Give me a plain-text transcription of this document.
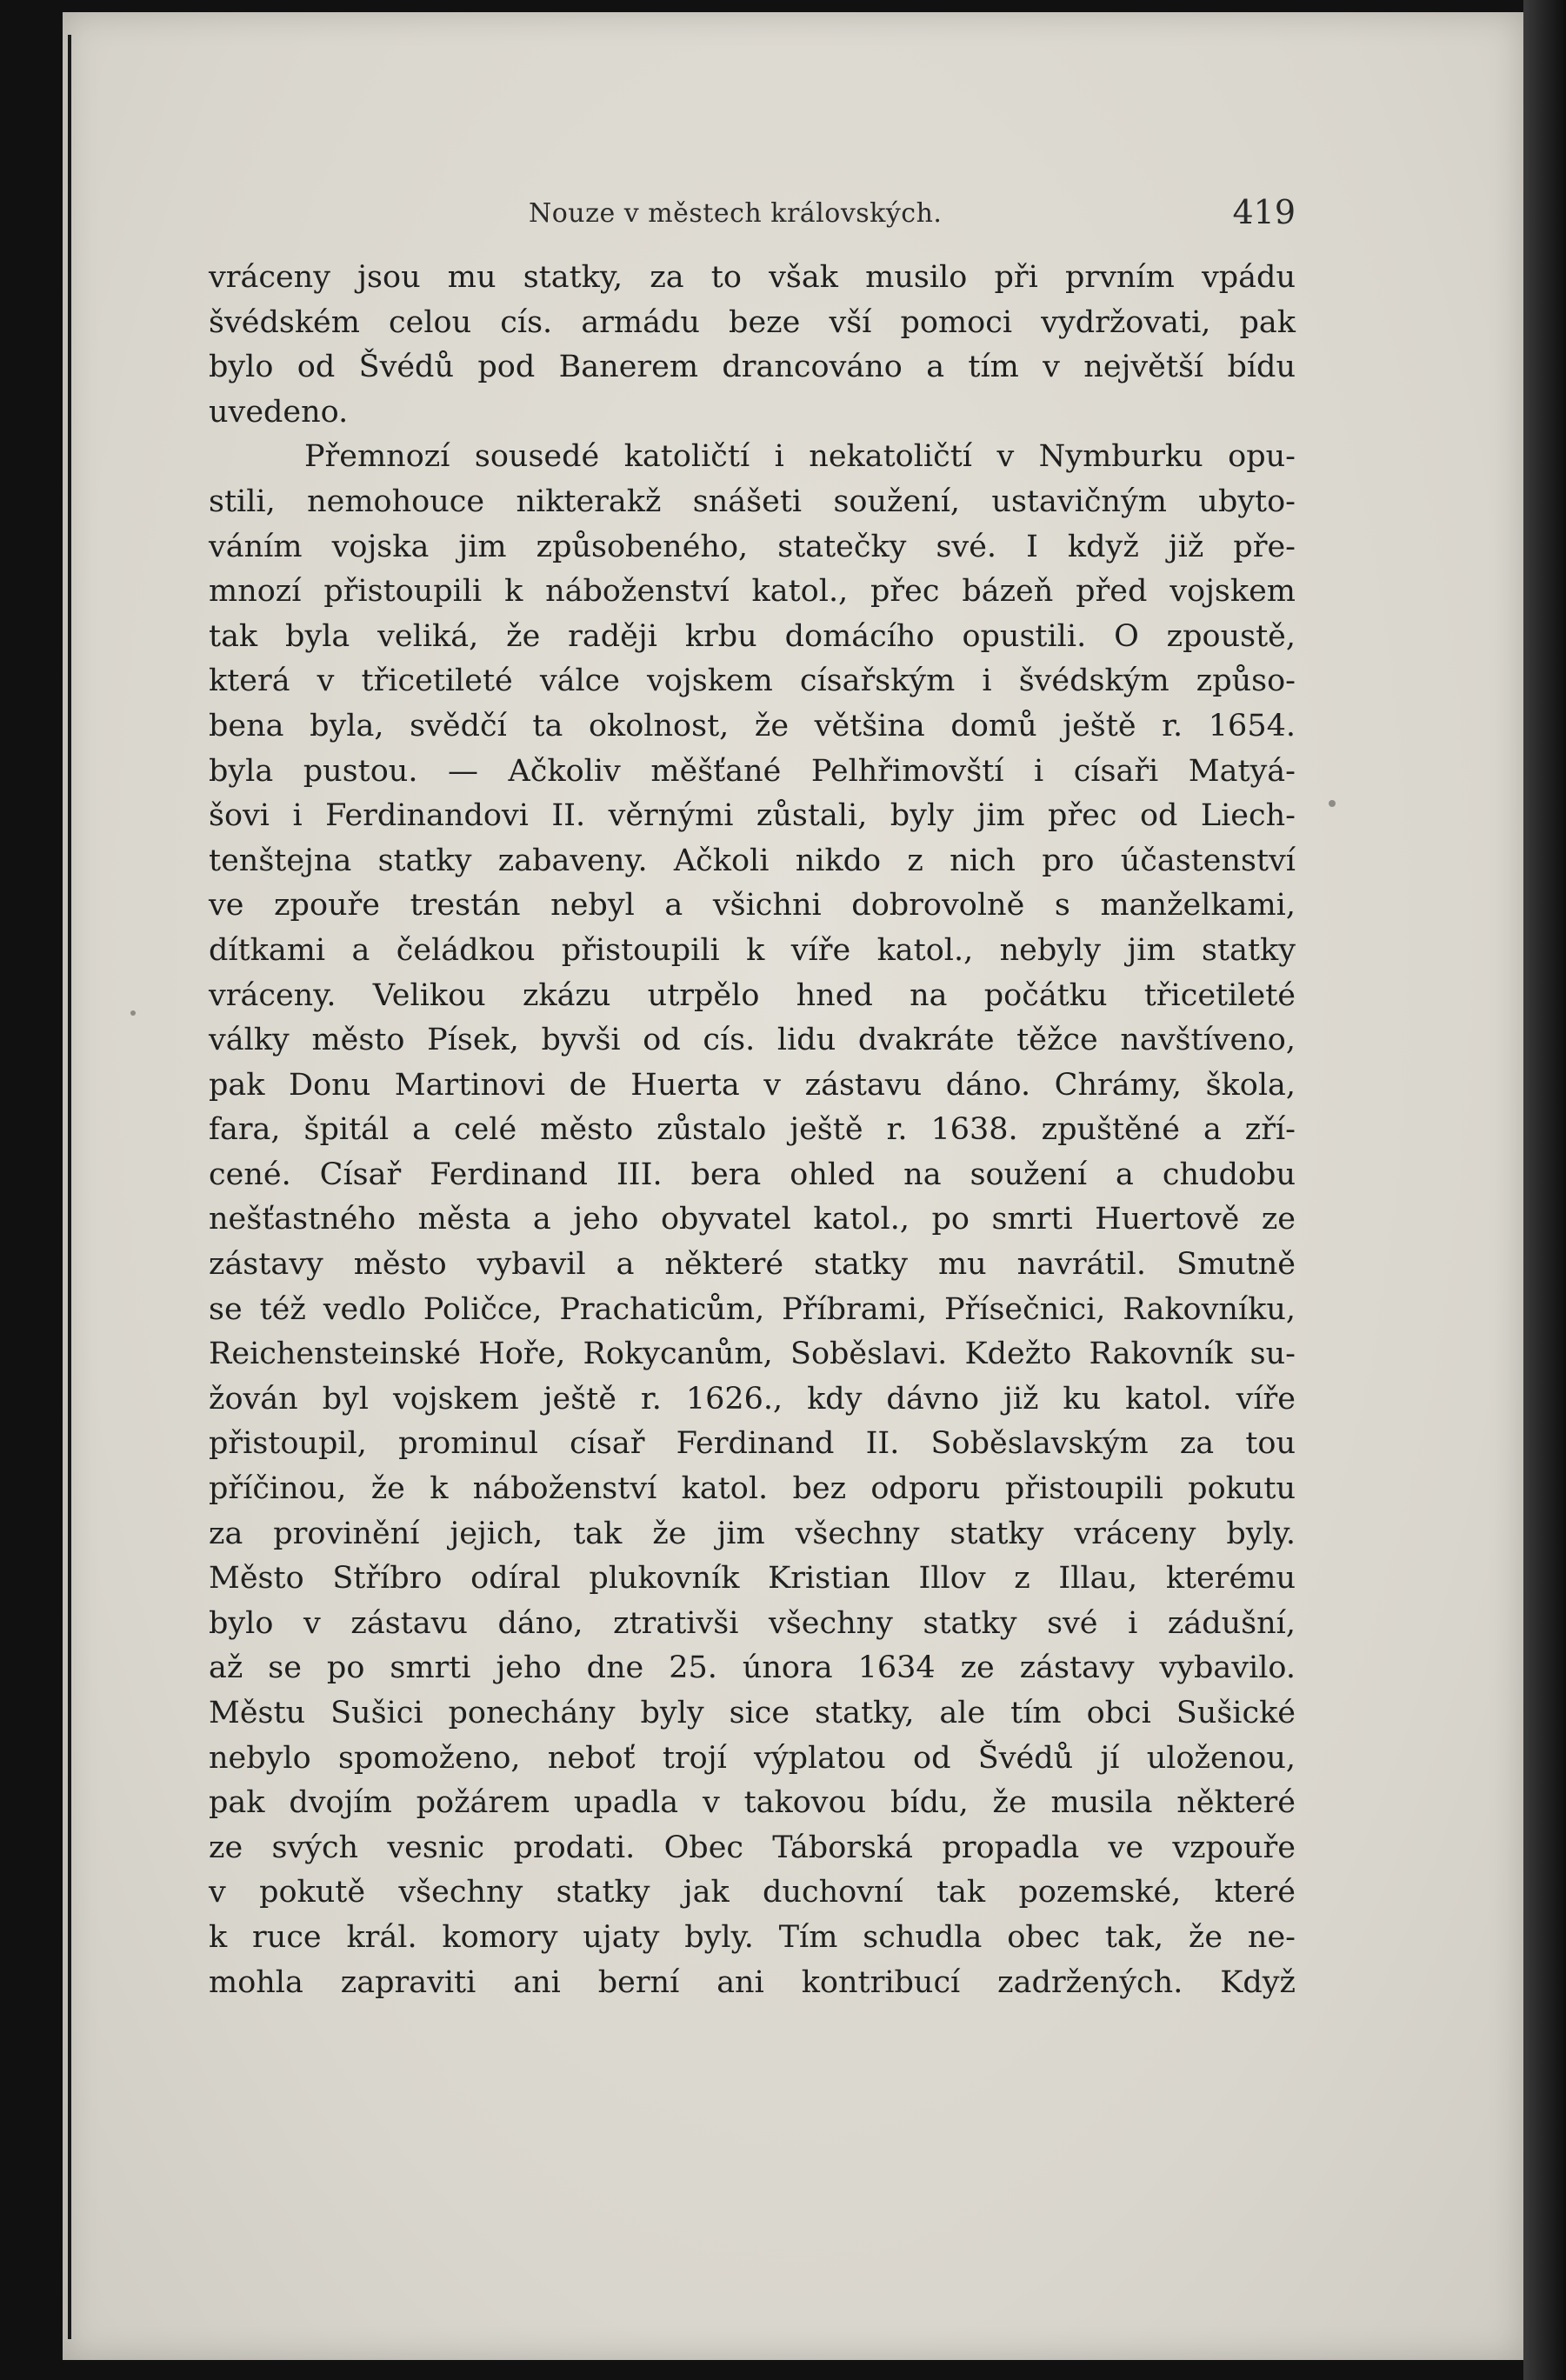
Nouze v městech královských.	419
vráceny jsou mu statky, za to však musilo při prvním vpádu
švédském celou cís. armádu beze vší pomoci vydržovati, pak
bylo od Švédů pod Banerem drancováno a tím v největší bídu
uvedeno.
Přemnozí sousedé katoličtí i nekatoličtí v Nymburku opu-
stili, nemohouce nikterakž snášeti soužení, ustavičným ubyto-
váním vojska jim způsobeného, statečky své. I když již pře-
mnozí přistoupili k náboženství katol., přec bázeň před vojskem
tak byla veliká, že raději krbu domácího opustili. O zpoustě,
která v třicetileté válce vojskem císařským i švédským způso-
bena byla, svědčí ta okolnost, že většina domů ještě r. 1654.
byla pustou. — Ačkoliv měšťané Pelhřimovští i císaři Matyá-
šovi i Ferdinandovi II. věrnými zůstali, byly jim přec od Liech-
tenštejna statky zabaveny. Ačkoli nikdo z nich pro účastenství
ve zpouře trestán nebyl a všichni dobrovolně s manželkami,
dítkami a čeládkou přistoupili k víře katol., nebyly jim statky
vráceny. Velikou zkázu utrpělo hned na počátku třicetileté
války město Písek, byvši od cís. lidu dvakráte těžce navštíveno,
pak Donu Martinovi de Huerta v zástavu dáno. Chrámy, škola,
fara, špitál a celé město zůstalo ještě r. 1638. zpuštěné a zří-
cené. Císař Ferdinand III. bera ohled na soužení a chudobu
nešťastného města a jeho obyvatel katol., po smrti Huertově ze
zástavy město vybavil a některé statky mu navrátil. Smutně
se též vedlo Poličce, Prachaticům, Příbrami, Přísečnici, Rakovníku,
Reichensteinské Hoře, Rokycanům, Soběslavi. Kdežto Rakovník su-
žován byl vojskem ještě r. 1626., kdy dávno již ku katol. víře
přistoupil, prominul císař Ferdinand II. Soběslavským za tou
příčinou, že k náboženství katol. bez odporu přistoupili pokutu
za provinění jejich, tak že jim všechny statky vráceny byly.
Město Stříbro odíral plukovník Kristian Illov z Illau, kterému
bylo v zástavu dáno, ztrativši všechny statky své i zádušní,
až se po smrti jeho dne 25. února 1634 ze zástavy vybavilo.
Městu Sušici ponechány byly sice statky, ale tím obci Sušické
nebylo spomoženo, neboť trojí výplatou od Švédů jí uloženou,
pak dvojím požárem upadla v takovou bídu, že musila některé
ze svých vesnic prodati. Obec Táborská propadla ve vzpouře
v pokutě všechny statky jak duchovní tak pozemské, které
k ruce král. komory ujaty byly. Tím schudla obec tak, že ne-
mohla zapraviti ani berní ani kontribucí zadržených. Když
